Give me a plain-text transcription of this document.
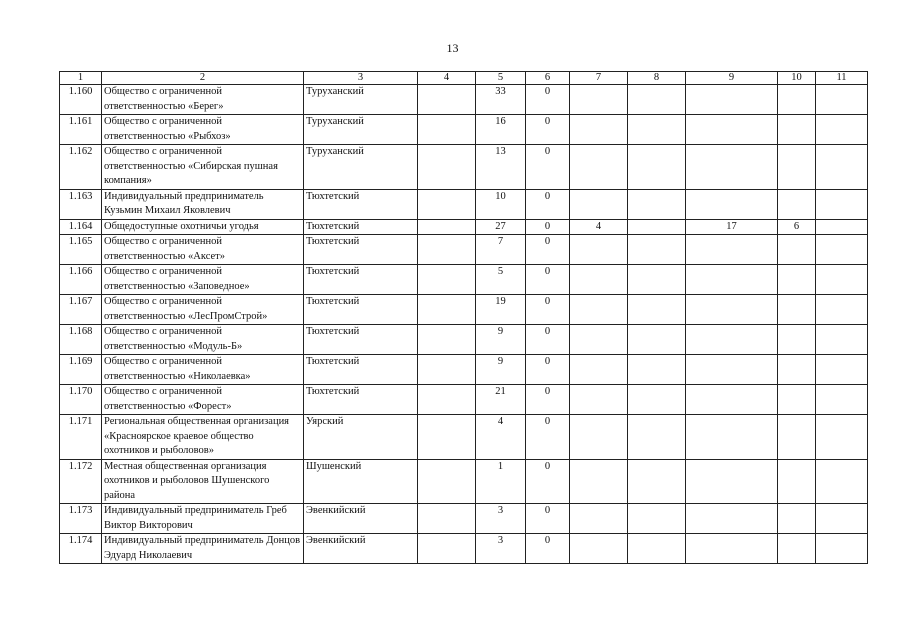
13
1	2	3	4	5	6	7	8	9	10	11
1.160	Общество с ограниченной ответственностью «Берег»	Туруханский		33	0					
1.161	Общество с ограниченной ответственностью «Рыбхоз»	Туруханский		16	0					
1.162	Общество с ограниченной ответственностью «Сибирская пушная компания»	Туруханский		13	0					
1.163	Индивидуальный предприниматель Кузьмин Михаил Яковлевич	Тюхтетский		10	0					
1.164	Общедоступные охотничьи угодья	Тюхтетский		27	0	4		17	6	
1.165	Общество с ограниченной ответственностью «Аксет»	Тюхтетский		7	0					
1.166	Общество с ограниченной ответственностью «Заповедное»	Тюхтетский		5	0					
1.167	Общество с ограниченной ответственностью «ЛесПромСтрой»	Тюхтетский		19	0					
1.168	Общество с ограниченной ответственностью «Модуль-Б»	Тюхтетский		9	0					
1.169	Общество с ограниченной ответственностью «Николаевка»	Тюхтетский		9	0					
1.170	Общество с ограниченной ответственностью «Форест»	Тюхтетский		21	0					
1.171	Региональная общественная организация «Красноярское краевое общество охотников и рыболовов»	Уярский		4	0					
1.172	Местная общественная организация охотников и рыболовов Шушенского района	Шушенский		1	0					
1.173	Индивидуальный предприниматель Греб Виктор Викторович	Эвенкийский		3	0					
1.174	Индивидуальный предприниматель Донцов Эдуард Николаевич	Эвенкийский		3	0					
